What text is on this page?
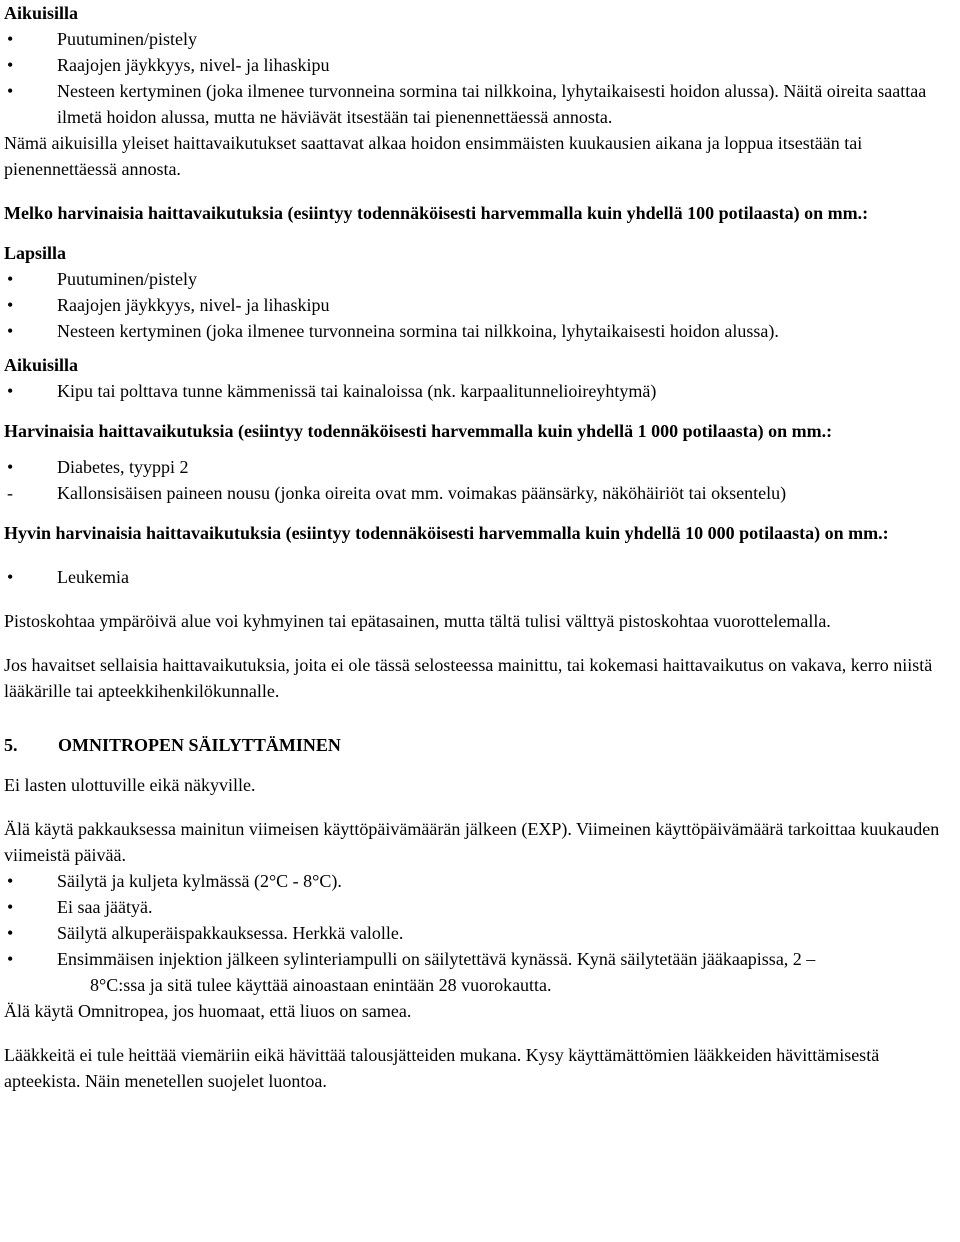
Aikuisilla
• Puutuminen/pistely
• Raajojen jäykkyys, nivel- ja lihaskipu
• Nesteen kertyminen (joka ilmenee turvonneina sormina tai nilkkoina, lyhytaikaisesti hoidon alussa). Näitä oireita saattaa ilmetä hoidon alussa, mutta ne häviävät itsestään tai pienennettäessä annosta.

Nämä aikuisilla yleiset haittavaikutukset saattavat alkaa hoidon ensimmäisten kuukausien aikana ja loppua itsestään tai pienennettäessä annosta.

Melko harvinaisia haittavaikutuksia (esiintyy todennäköisesti harvemmalla kuin yhdellä 100 potilaasta) on mm.:
Lapsilla
• Puutuminen/pistely
• Raajojen jäykkyys, nivel- ja lihaskipu
• Nesteen kertyminen (joka ilmenee turvonneina sormina tai nilkkoina, lyhytaikaisesti hoidon alussa).
Aikuisilla
• Kipu tai polttava tunne kämmenissä tai kainaloissa (nk. karpaalitunnelioireyhtymä)
Harvinaisia haittavaikutuksia (esiintyy todennäköisesti harvemmalla kuin yhdellä 1 000 potilaasta) on mm.:
• Diabetes, tyyppi 2
- Kallonsisäisen paineen nousu (jonka oireita ovat mm. voimakas päänsärky, näköhäiriöt tai oksentelu)
Hyvin harvinaisia haittavaikutuksia (esiintyy todennäköisesti harvemmalla kuin yhdellä 10 000 potilaasta) on mm.:
• Leukemia

Pistoskohtaa ympäröivä alue voi kyhmyinen tai epätasainen, mutta tältä tulisi välttyä pistoskohtaa vuorottelemalla.

Jos havaitset sellaisia haittavaikutuksia, joita ei ole tässä selosteessa mainittu, tai kokemasi haittavaikutus on vakava, kerro niistä lääkärille tai apteekkihenkilökunnalle.

5. OMNITROPEN SÄILYTTÄMINEN

Ei lasten ulottuville eikä näkyville.

Älä käytä pakkauksessa mainitun viimeisen käyttöpäivämäärän jälkeen (EXP). Viimeinen käyttöpäivämäärä tarkoittaa kuukauden viimeistä päivää.

• Säilytä ja kuljeta kylmässä (2°C - 8°C).
• Ei saa jäätyä.
• Säilytä alkuperäispakkauksessa. Herkkä valolle.
• Ensimmäisen injektion jälkeen sylinteriampulli on säilytettävä kynässä. Kynä säilytetään jääkaapissa, 2 –
8°C:ssa ja sitä tulee käyttää ainoastaan enintään 28 vuorokautta.

Älä käytä Omnitropea, jos huomaat, että liuos on samea.

Lääkkeitä ei tule heittää viemäriin eikä hävittää talousjätteiden mukana. Kysy käyttämättömien lääkkeiden hävittämisestä apteekista. Näin menetellen suojelet luontoa.
